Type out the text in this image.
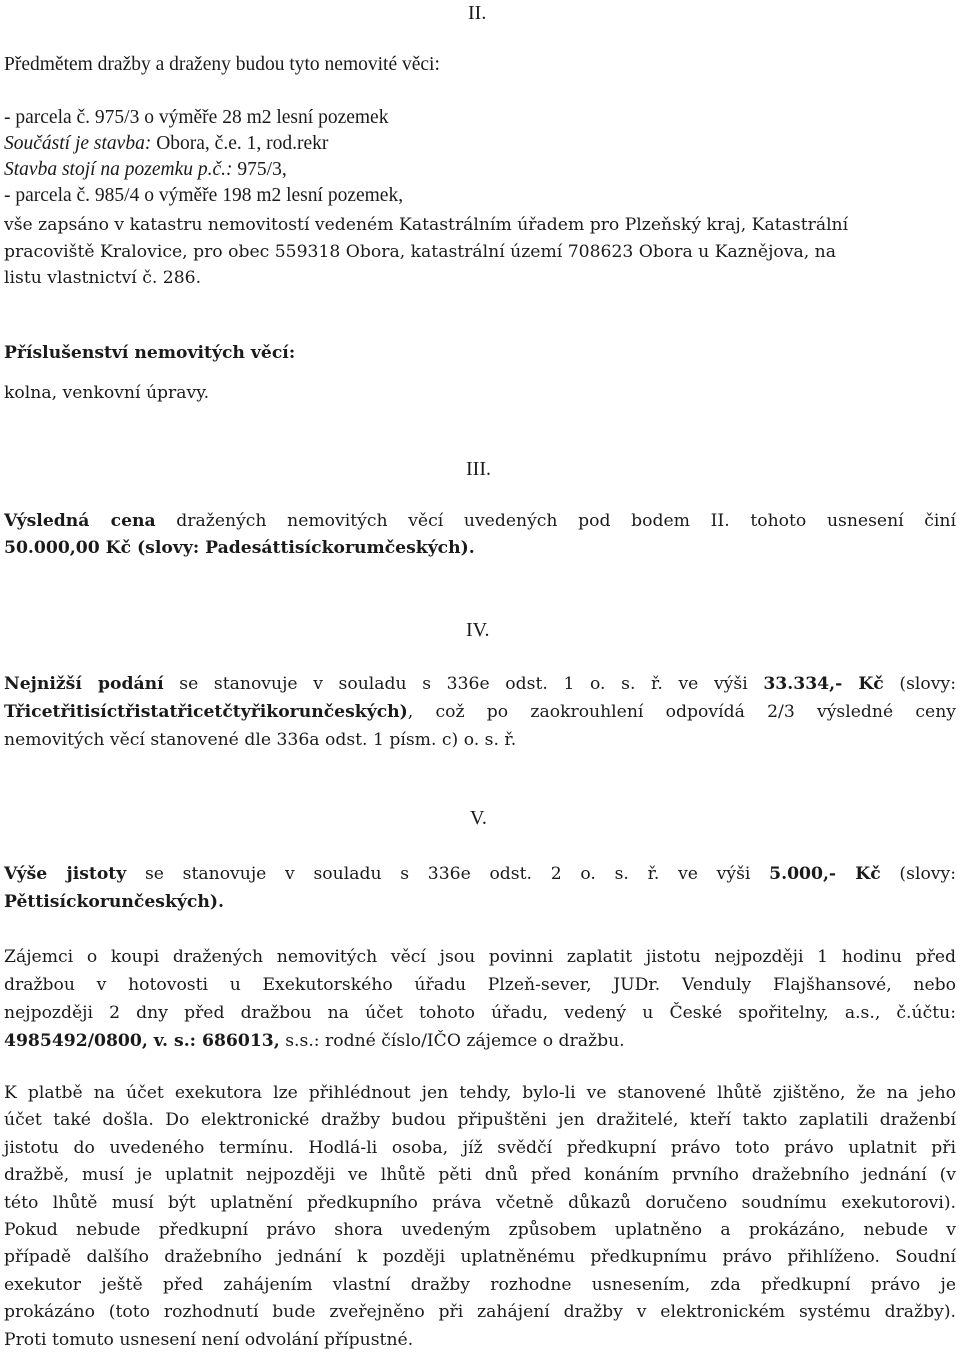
II.
Předmětem dražby a draženy budou tyto nemovité věci:
- parcela č. 975/3 o výměře 28 m2 lesní pozemek
Součástí je stavba: Obora, č.e. 1, rod.rekr
Stavba stojí na pozemku p.č.: 975/3,
- parcela č. 985/4 o výměře 198 m2 lesní pozemek,
vše zapsáno v katastru nemovitostí vedeném Katastrálním úřadem pro Plzeňský kraj, Katastrální
pracoviště Kralovice, pro obec 559318 Obora, katastrální území 708623 Obora u Kaznějova, na
listu vlastnictví č. 286.
Příslušenství nemovitých věcí:
kolna, venkovní úpravy.
III.
Výsledná cena dražených nemovitých věcí uvedených pod bodem II. tohoto usnesení činí
50.000,00 Kč (slovy: Padesáttisíckorumčeských).
IV.
Nejnižší podání se stanovuje v souladu s 336e odst. 1 o. s. ř. ve výši 33.334,- Kč (slovy:
Třicetřitisíctřistatřicetčtyřikorunčeských), což po zaokrouhlení odpovídá 2/3 výsledné ceny
nemovitých věcí stanovené dle 336a odst. 1 písm. c) o. s. ř.
V.
Výše jistoty se stanovuje v souladu s 336e odst. 2 o. s. ř. ve výši 5.000,- Kč (slovy:
Pěttisíckorunčeských).
Zájemci o koupi dražených nemovitých věcí jsou povinni zaplatit jistotu nejpozději 1 hodinu před
dražbou v hotovosti u Exekutorského úřadu Plzeň-sever, JUDr. Venduly Flajšhansové, nebo
nejpozději 2 dny před dražbou na účet tohoto úřadu, vedený u České spořitelny, a.s., č.účtu:
4985492/0800, v. s.: 686013, s.s.: rodné číslo/IČO zájemce o dražbu.
K platbě na účet exekutora lze přihlédnout jen tehdy, bylo-li ve stanovené lhůtě zjištěno, že na jeho
účet také došla. Do elektronické dražby budou připuštěni jen dražitelé, kteří takto zaplatili draženbí
jistotu do uvedeného termínu. Hodlá-li osoba, jíž svědčí předkupní právo toto právo uplatnit při
dražbě, musí je uplatnit nejpozději ve lhůtě pěti dnů před konáním prvního dražebního jednání (v
této lhůtě musí být uplatnění předkupního práva včetně důkazů doručeno soudnímu exekutorovi).
Pokud nebude předkupní právo shora uvedeným způsobem uplatněno a prokázáno, nebude v
případě dalšího dražebního jednání k později uplatněnému předkupnímu právo přihlíženo. Soudní
exekutor ještě před zahájením vlastní dražby rozhodne usnesením, zda předkupní právo je
prokázáno (toto rozhodnutí bude zveřejněno při zahájení dražby v elektronickém systému dražby).
Proti tomuto usnesení není odvolání přípustné.
